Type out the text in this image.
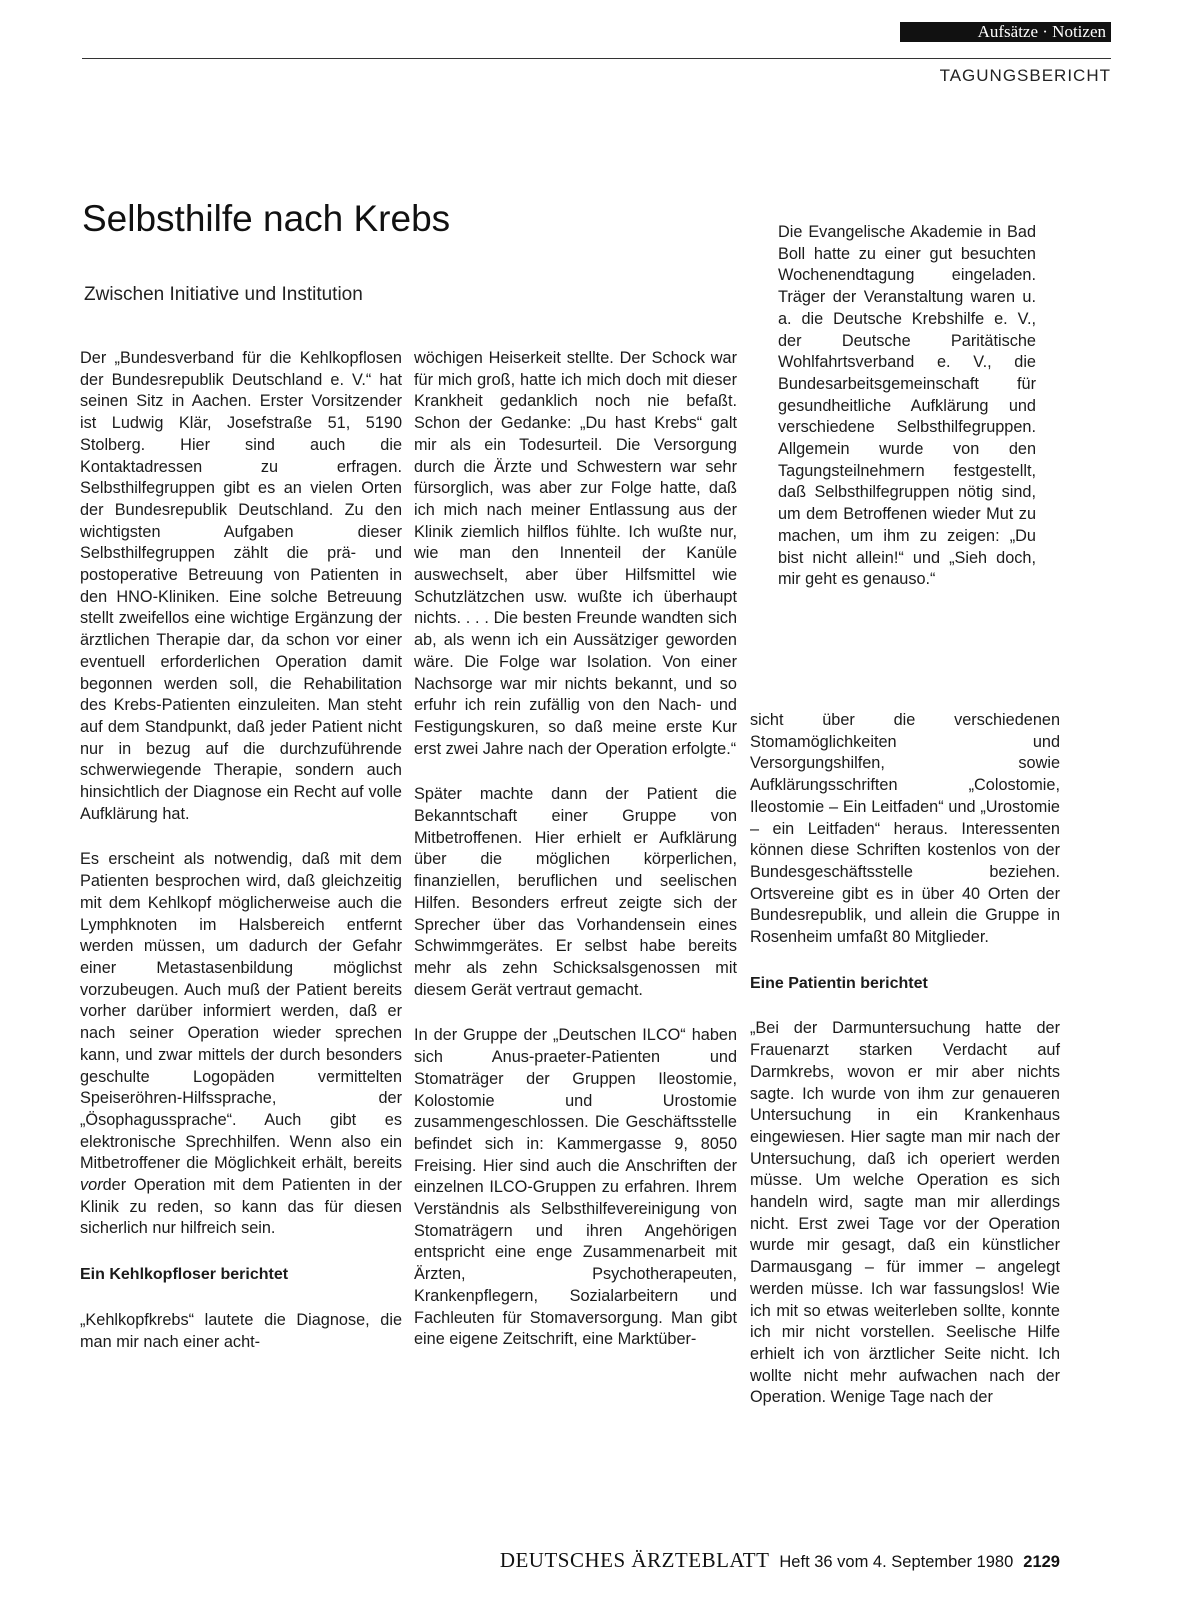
Aufsätze · Notizen
TAGUNGSBERICHT
Selbsthilfe nach Krebs
Zwischen Initiative und Institution

Der „Bundesverband für die Kehlkopflosen der Bundesrepublik Deutschland e. V.“ hat seinen Sitz in Aachen. Erster Vorsitzender ist Ludwig Klär, Josefstraße 51, 5190 Stolberg. Hier sind auch die Kontaktadressen zu erfragen. Selbsthilfegruppen gibt es an vielen Orten der Bundesrepublik Deutschland. Zu den wichtigsten Aufgaben dieser Selbsthilfegruppen zählt die prä- und postoperative Betreuung von Patienten in den HNO-Kliniken. Eine solche Betreuung stellt zweifellos eine wichtige Ergänzung der ärztlichen Therapie dar, da schon vor einer eventuell erforderlichen Operation damit begonnen werden soll, die Rehabilitation des Krebs-Patienten einzuleiten. Man steht auf dem Standpunkt, daß jeder Patient nicht nur in bezug auf die durchzuführende schwerwiegende Therapie, sondern auch hinsichtlich der Diagnose ein Recht auf volle Aufklärung hat.

Es erscheint als notwendig, daß mit dem Patienten besprochen wird, daß gleichzeitig mit dem Kehlkopf möglicherweise auch die Lymphknoten im Halsbereich entfernt werden müssen, um dadurch der Gefahr einer Metastasenbildung möglichst vorzubeugen. Auch muß der Patient bereits vorher darüber informiert werden, daß er nach seiner Operation wieder sprechen kann, und zwar mittels der durch besonders geschulte Logopäden vermittelten Speiseröhren-Hilfssprache, der „Ösophagussprache“. Auch gibt es elektronische Sprechhilfen. Wenn also ein Mitbetroffener die Möglichkeit erhält, bereits vorder Operation mit dem Patienten in der Klinik zu reden, so kann das für diesen sicherlich nur hilfreich sein.

Ein Kehlkopfloser berichtet

„Kehlkopfkrebs“ lautete die Diagnose, die man mir nach einer acht-

wöchigen Heiserkeit stellte. Der Schock war für mich groß, hatte ich mich doch mit dieser Krankheit gedanklich noch nie befaßt. Schon der Gedanke: „Du hast Krebs“ galt mir als ein Todesurteil. Die Versorgung durch die Ärzte und Schwestern war sehr fürsorglich, was aber zur Folge hatte, daß ich mich nach meiner Entlassung aus der Klinik ziemlich hilflos fühlte. Ich wußte nur, wie man den Innenteil der Kanüle auswechselt, aber über Hilfsmittel wie Schutzlätzchen usw. wußte ich überhaupt nichts. . . . Die besten Freunde wandten sich ab, als wenn ich ein Aussätziger geworden wäre. Die Folge war Isolation. Von einer Nachsorge war mir nichts bekannt, und so erfuhr ich rein zufällig von den Nach- und Festigungskuren, so daß meine erste Kur erst zwei Jahre nach der Operation erfolgte.“

Später machte dann der Patient die Bekanntschaft einer Gruppe von Mitbetroffenen. Hier erhielt er Aufklärung über die möglichen körperlichen, finanziellen, beruflichen und seelischen Hilfen. Besonders erfreut zeigte sich der Sprecher über das Vorhandensein eines Schwimmgerätes. Er selbst habe bereits mehr als zehn Schicksalsgenossen mit diesem Gerät vertraut gemacht.

In der Gruppe der „Deutschen ILCO“ haben sich Anus-praeter-Patienten und Stomaträger der Gruppen Ileostomie, Kolostomie und Urostomie zusammengeschlossen. Die Geschäftsstelle befindet sich in: Kammergasse 9, 8050 Freising. Hier sind auch die Anschriften der einzelnen ILCO-Gruppen zu erfahren. Ihrem Verständnis als Selbsthilfevereinigung von Stomaträgern und ihren Angehörigen entspricht eine enge Zusammenarbeit mit Ärzten, Psychotherapeuten, Krankenpflegern, Sozialarbeitern und Fachleuten für Stomaversorgung. Man gibt eine eigene Zeitschrift, eine Marktüber-

Die Evangelische Akademie in Bad Boll hatte zu einer gut besuchten Wochenendtagung eingeladen. Träger der Veranstaltung waren u. a. die Deutsche Krebshilfe e. V., der Deutsche Paritätische Wohlfahrtsverband e. V., die Bundesarbeitsgemeinschaft für gesundheitliche Aufklärung und verschiedene Selbsthilfegruppen. Allgemein wurde von den Tagungsteilnehmern festgestellt, daß Selbsthilfegruppen nötig sind, um dem Betroffenen wieder Mut zu machen, um ihm zu zeigen: „Du bist nicht allein!“ und „Sieh doch, mir geht es genauso.“

sicht über die verschiedenen Stomamöglichkeiten und Versorgungshilfen, sowie Aufklärungsschriften „Colostomie, Ileostomie – Ein Leitfaden“ und „Urostomie – ein Leitfaden“ heraus. Interessenten können diese Schriften kostenlos von der Bundesgeschäftsstelle beziehen. Ortsvereine gibt es in über 40 Orten der Bundesrepublik, und allein die Gruppe in Rosenheim umfaßt 80 Mitglieder.

Eine Patientin berichtet

„Bei der Darmuntersuchung hatte der Frauenarzt starken Verdacht auf Darmkrebs, wovon er mir aber nichts sagte. Ich wurde von ihm zur genaueren Untersuchung in ein Krankenhaus eingewiesen. Hier sagte man mir nach der Untersuchung, daß ich operiert werden müsse. Um welche Operation es sich handeln wird, sagte man mir allerdings nicht. Erst zwei Tage vor der Operation wurde mir gesagt, daß ein künstlicher Darmausgang – für immer – angelegt werden müsse. Ich war fassungslos! Wie ich mit so etwas weiterleben sollte, konnte ich mir nicht vorstellen. Seelische Hilfe erhielt ich von ärztlicher Seite nicht. Ich wollte nicht mehr aufwachen nach der Operation. Wenige Tage nach der

DEUTSCHES ÄRZTEBLATT Heft 36 vom 4. September 1980 2129
